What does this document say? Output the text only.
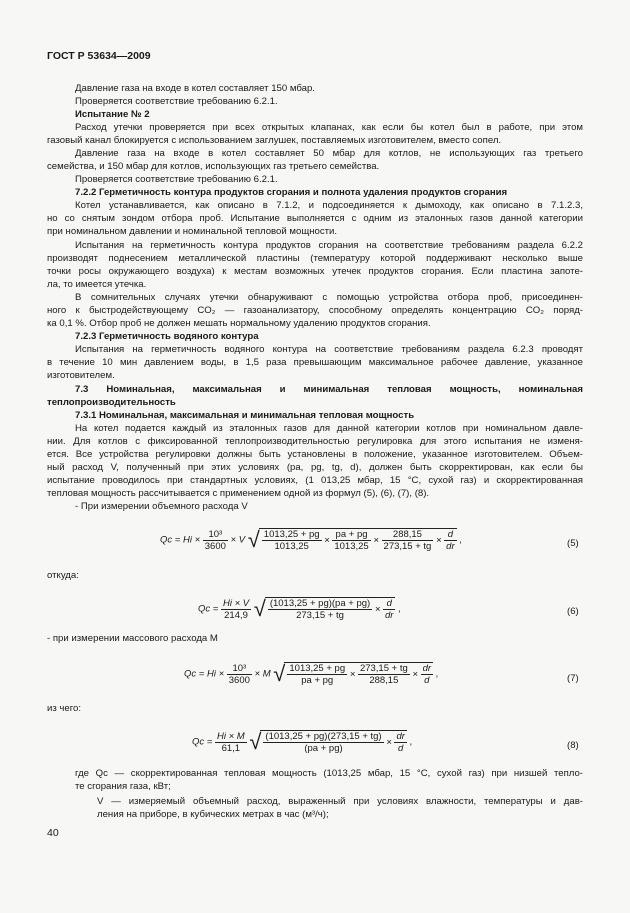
ГОСТ Р 53634—2009
Давление газа на входе в котел составляет 150 мбар.
Проверяется соответствие требованию 6.2.1.
Испытание № 2
Расход утечки проверяется при всех открытых клапанах, как если бы котел был в работе, при этом
газовый канал блокируется с использованием заглушек, поставляемых изготовителем, вместо сопел.
Давление газа на входе в котел составляет 50 мбар для котлов, не использующих газ третьего
семейства, и 150 мбар для котлов, использующих газ третьего семейства.
Проверяется соответствие требованию 6.2.1.
7.2.2 Герметичность контура продуктов сгорания и полнота удаления продуктов сгорания
Котел устанавливается, как описано в 7.1.2, и подсоединяется к дымоходу, как описано в 7.1.2.3,
но со снятым зондом отбора проб. Испытание выполняется с одним из эталонных газов данной категории
при номинальном давлении и номинальной тепловой мощности.
Испытания на герметичность контура продуктов сгорания на соответствие требованиям раздела 6.2.2
производят поднесением металлической пластины (температуру которой поддерживают несколько выше
точки росы окружающего воздуха) к местам возможных утечек продуктов сгорания. Если пластина запоте-
ла, то имеется утечка.
В сомнительных случаях утечки обнаруживают с помощью устройства отбора проб, присоединен-
ного к быстродействующему CO₂ — газоанализатору, способному определять концентрацию CO₂ поряд-
ка 0,1 %. Отбор проб не должен мешать нормальному удалению продуктов сгорания.
7.2.3 Герметичность водяного контура
Испытания на герметичность водяного контура на соответствие требованиям раздела 6.2.3 проводят
в течение 10 мин давлением воды, в 1,5 раза превышающим максимальное рабочее давление, указанное
изготовителем.
7.3 Номинальная, максимальная и минимальная тепловая мощность, номинальная
теплопроизводительность
7.3.1 Номинальная, максимальная и минимальная тепловая мощность
На котел подается каждый из эталонных газов для данной категории котлов при номинальном давле-
нии. Для котлов с фиксированной теплопроизводительностью регулировка для этого испытания не изменя-
ется. Все устройства регулировки должны быть установлены в положение, указанное изготовителем. Объем-
ный расход V, полученный при этих условиях (pa, pg, tg, d), должен быть скорректирован, как если бы
испытание проводилось при стандартных условиях, (1 013,25 мбар, 15 °С, сухой газ) и скорректированная
тепловая мощность рассчитывается с применением одной из формул (5), (6), (7), (8).
- При измерении объемного расхода V
откуда:
- при измерении массового расхода M
из чего:
где Qc — скорректированная тепловая мощность (1013,25 мбар, 15 °С, сухой газ) при низшей тепло-
те сгорания газа, кВт;
V — измеряемый объемный расход, выраженный при условиях влажности, температуры и дав-
ления на приборе, в кубических метрах в час (м³/ч);
$Qc = Hi \times \frac{\text{10³}}{3600} \times V$ √ $\frac{1013,25 + pg}{1013,25} \times \frac{pa + pg}{1013,25} \times \frac{288,15}{273,15 + tg} \times \frac{d}{dr}$ ,	(5)
$Qc = \frac{Hi \times V}{214,9}$ √ $\frac{(1013,25 + pg)(pa + pg)}{273,15 + tg} \times \frac{d}{dr}$ ,	(6)
$Qc = Hi \times \frac{\text{10³}}{3600} \times M$ √ $\frac{1013,25 + pg}{pa + pg} \times \frac{273,15 + tg}{288,15} \times \frac{dr}{d}$ ,	(7)
$Qc = \frac{Hi \times M}{61,1}$ √ $\frac{(1013,25 + pg)(273,15 + tg)}{(pa + pg)} \times \frac{dr}{d}$ ,	(8)
40
